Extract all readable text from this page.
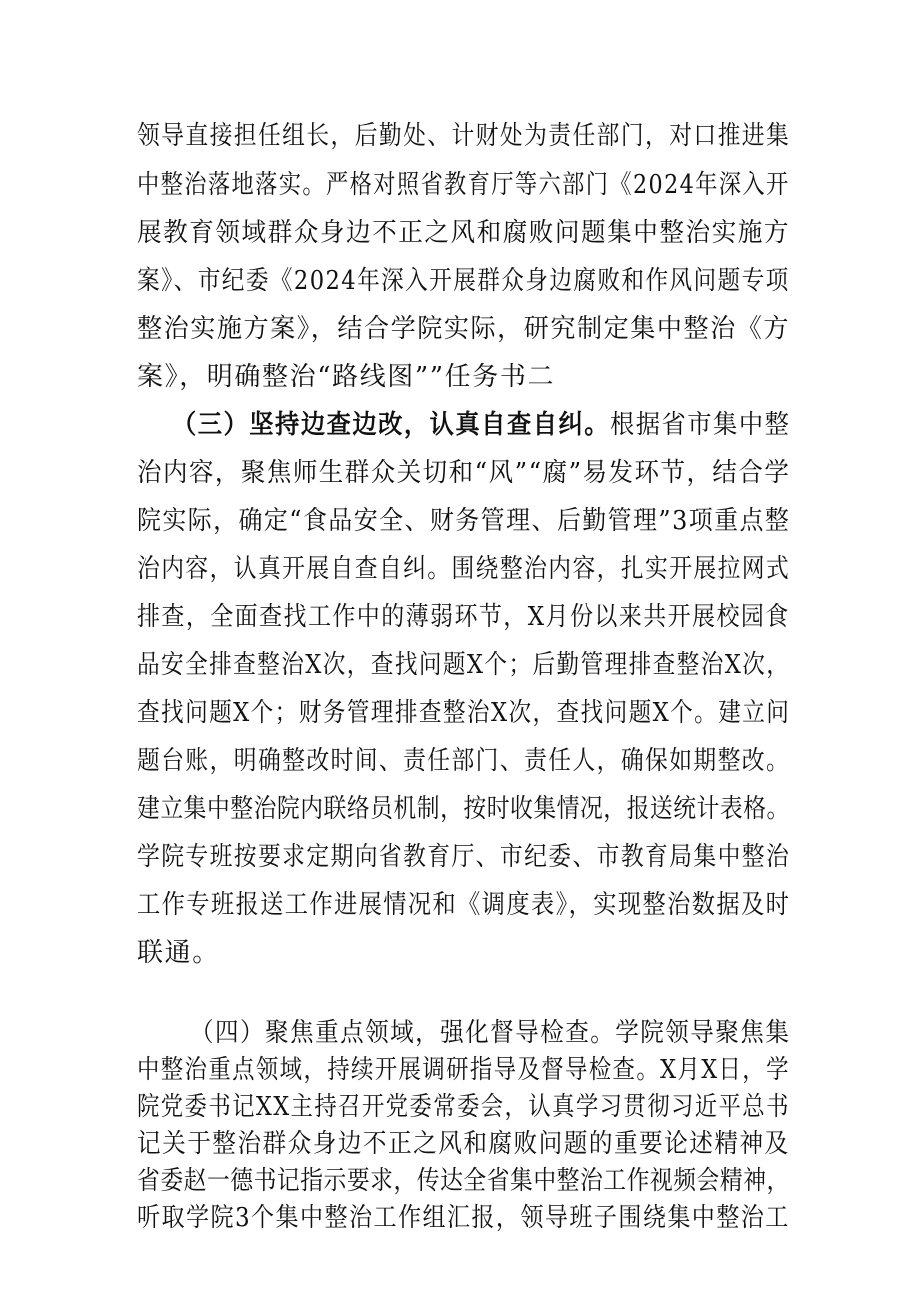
领导直接担任组长，后勤处、计财处为责任部门，对口推进集
中整治落地落实。严格对照省教育厅等六部门《2024年深入开
展教育领域群众身边不正之风和腐败问题集中整治实施方
案》、市纪委《2024年深入开展群众身边腐败和作风问题专项
整治实施方案》，结合学院实际，研究制定集中整治《方
案》，明确整治“路线图””任务书二
（三）坚持边查边改，认真自查自纠。根据省市集中整
治内容，聚焦师生群众关切和“风”“腐”易发环节，结合学
院实际，确定“食品安全、财务管理、后勤管理”3项重点整
治内容，认真开展自查自纠。围绕整治内容，扎实开展拉网式
排查，全面查找工作中的薄弱环节，X月份以来共开展校园食
品安全排查整治X次，查找问题X个；后勤管理排查整治X次，
查找问题X个；财务管理排查整治X次，查找问题X个。建立问
题台账，明确整改时间、责任部门、责任人，确保如期整改。
建立集中整治院内联络员机制，按时收集情况，报送统计表格。
学院专班按要求定期向省教育厅、市纪委、市教育局集中整治
工作专班报送工作进展情况和《调度表》，实现整治数据及时
联通。
（四）聚焦重点领域，强化督导检查。学院领导聚焦集
中整治重点领域，持续开展调研指导及督导检查。X月X日，学
院党委书记XX主持召开党委常委会，认真学习贯彻习近平总书
记关于整治群众身边不正之风和腐败问题的重要论述精神及
省委赵一德书记指示要求，传达全省集中整治工作视频会精神，
听取学院3个集中整治工作组汇报，领导班子围绕集中整治工
